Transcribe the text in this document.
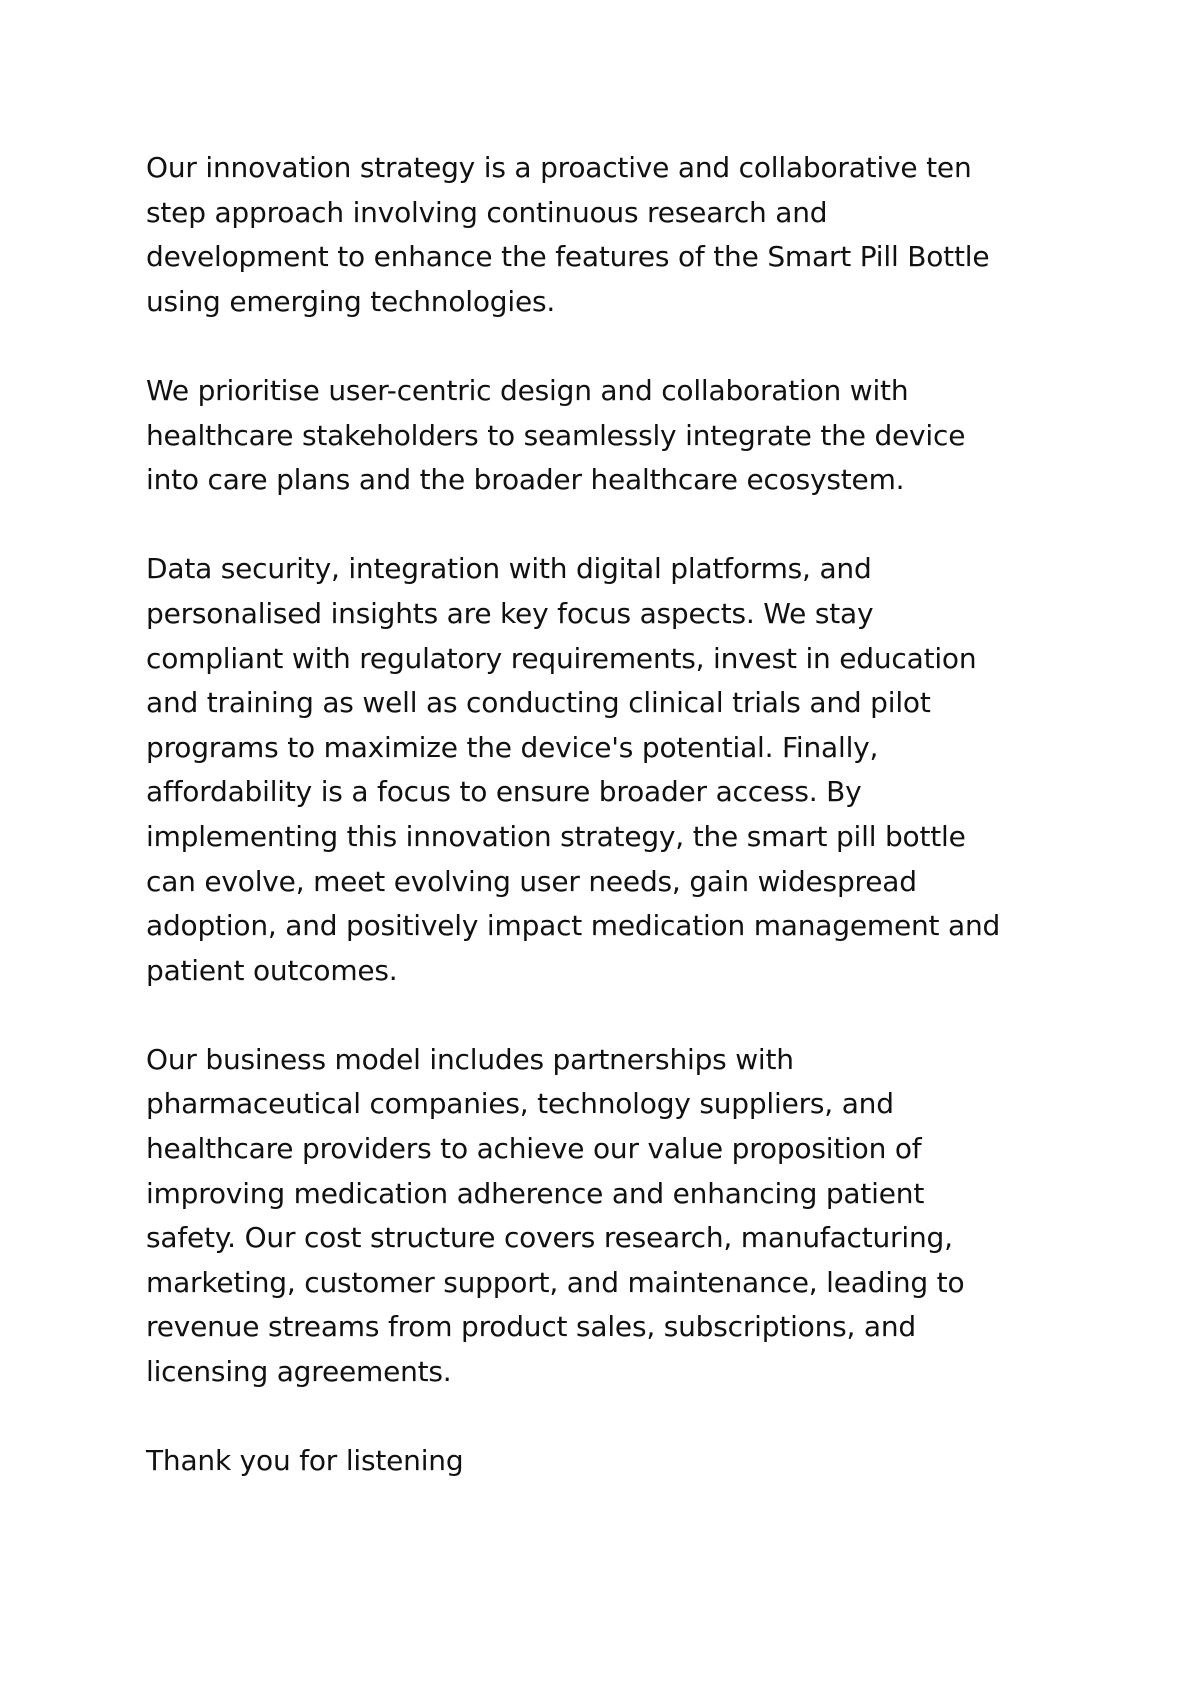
Our innovation strategy is a proactive and collaborative ten
step approach involving continuous research and
development to enhance the features of the Smart Pill Bottle
using emerging technologies.

We prioritise user-centric design and collaboration with
healthcare stakeholders to seamlessly integrate the device
into care plans and the broader healthcare ecosystem.

Data security, integration with digital platforms, and
personalised insights are key focus aspects. We stay
compliant with regulatory requirements, invest in education
and training as well as conducting clinical trials and pilot
programs to maximize the device's potential. Finally,
affordability is a focus to ensure broader access. By
implementing this innovation strategy, the smart pill bottle
can evolve, meet evolving user needs, gain widespread
adoption, and positively impact medication management and
patient outcomes.

Our business model includes partnerships with
pharmaceutical companies, technology suppliers, and
healthcare providers to achieve our value proposition of
improving medication adherence and enhancing patient
safety. Our cost structure covers research, manufacturing,
marketing, customer support, and maintenance, leading to
revenue streams from product sales, subscriptions, and
licensing agreements.

Thank you for listening
